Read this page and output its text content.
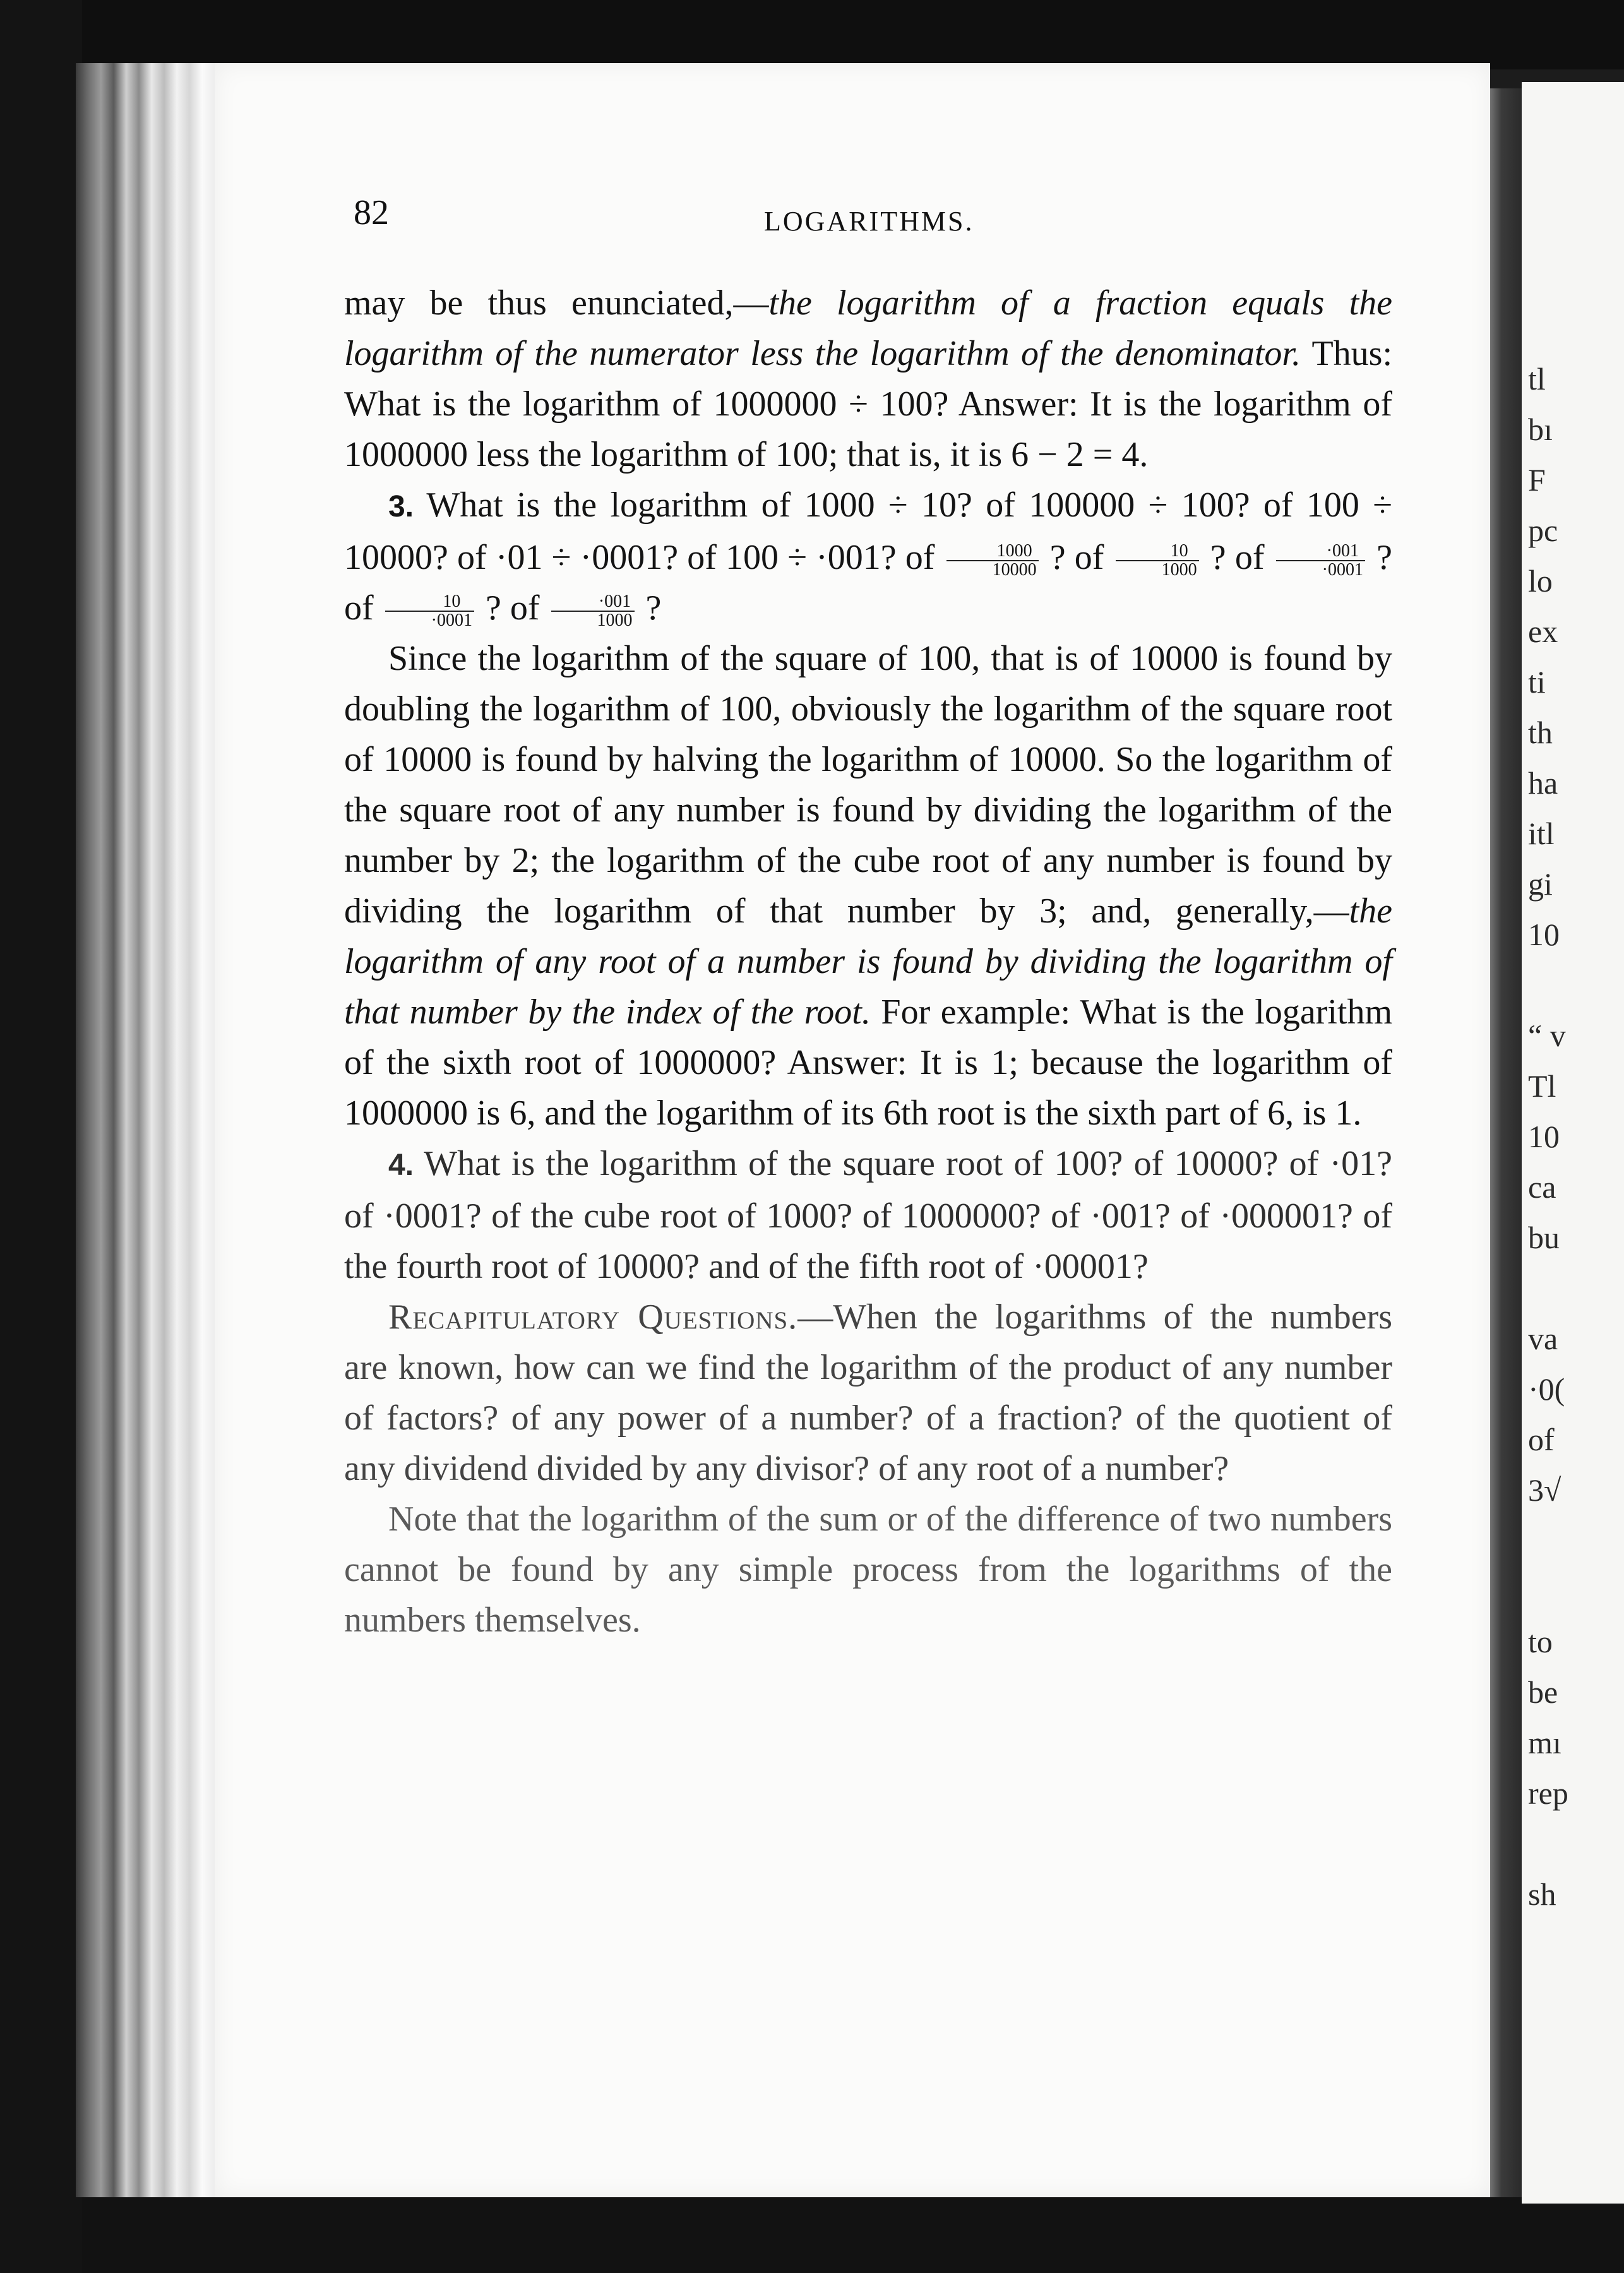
82	LOGARITHMS.

may be thus enunciated,—the logarithm of a fraction equals the logarithm of the numerator less the logarithm of the denominator. Thus: What is the logarithm of 1000000 ÷ 100? Answer: It is the logarithm of 1000000 less the logarithm of 100; that is, it is 6 − 2 = 4.

3. What is the logarithm of 1000 ÷ 10? of 100000 ÷ 100? of 100 ÷ 10000? of ·01 ÷ ·0001? of 100 ÷ ·001? of $\frac{1000}{10000}$ ? of $\frac{10}{1000}$ ? of $\frac{\cdot 001}{\cdot 0001}$ ? of $\frac{10}{\cdot 0001}$ ? of $\frac{\cdot 001}{1000}$ ?

Since the logarithm of the square of 100, that is of 10000 is found by doubling the logarithm of 100, obviously the logarithm of the square root of 10000 is found by halving the logarithm of 10000. So the logarithm of the square root of any number is found by dividing the logarithm of the number by 2; the logarithm of the cube root of any number is found by dividing the logarithm of that number by 3; and, generally,—the logarithm of any root of a number is found by dividing the logarithm of that number by the index of the root. For example: What is the logarithm of the sixth root of 1000000? Answer: It is 1; because the logarithm of 1000000 is 6, and the logarithm of its 6th root is the sixth part of 6, is 1.

4. What is the logarithm of the square root of 100? of 10000? of ·01? of ·0001? of the cube root of 1000? of 1000000? of ·001? of ·000001? of the fourth root of 10000? and of the fifth root of ·00001?

Recapitulatory Questions.—When the logarithms of the numbers are known, how can we find the logarithm of the product of any number of factors? of any power of a number? of a fraction? of the quotient of any dividend divided by any divisor? of any root of a number?

Note that the logarithm of the sum or of the difference of two numbers cannot be found by any simple process from the logarithms of the numbers themselves.

tl
bı
F
pc
lo
ex
ti
th
ha
itl
gi
10
“ v
Tl
10
ca
bu
va
·0(
of
3√
to
be
mı
rep
sh
